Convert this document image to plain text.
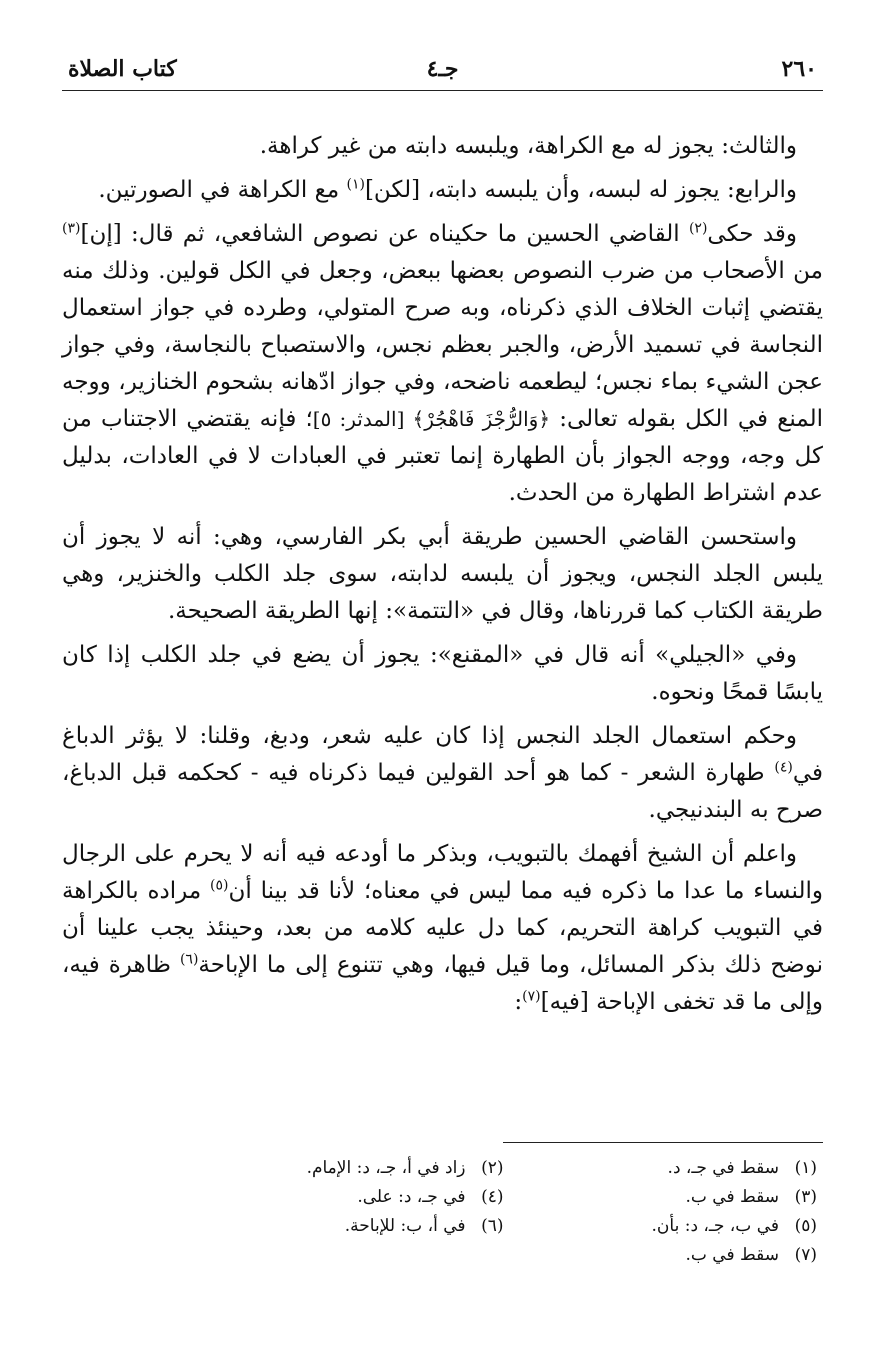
٢٦٠
جـ٤
كتاب الصلاة

والثالث: يجوز له مع الكراهة، ويلبسه دابته من غير كراهة.

والرابع: يجوز له لبسه، وأن يلبسه دابته، [لكن]$^{(١)}$ مع الكراهة في الصورتين.

وقد حكى$^{(٢)}$ القاضي الحسين ما حكيناه عن نصوص الشافعي، ثم قال: [إن]$^{(٣)}$ من الأصحاب من ضرب النصوص بعضها ببعض، وجعل في الكل قولين. وذلك منه يقتضي إثبات الخلاف الذي ذكرناه، وبه صرح المتولي، وطرده في جواز استعمال النجاسة في تسميد الأرض، والجبر بعظم نجس، والاستصباح بالنجاسة، وفي جواز عجن الشيء بماء نجس؛ ليطعمه ناضحه، وفي جواز ادّهانه بشحوم الخنازير، ووجه المنع في الكل بقوله تعالى: ﴿وَالرُّجْزَ فَاهْجُرْ﴾ [المدثر: ٥]؛ فإنه يقتضي الاجتناب من كل وجه، ووجه الجواز بأن الطهارة إنما تعتبر في العبادات لا في العادات، بدليل عدم اشتراط الطهارة من الحدث.

واستحسن القاضي الحسين طريقة أبي بكر الفارسي، وهي: أنه لا يجوز أن يلبس الجلد النجس، ويجوز أن يلبسه لدابته، سوى جلد الكلب والخنزير، وهي طريقة الكتاب كما قررناها، وقال في «التتمة»: إنها الطريقة الصحيحة.

وفي «الجيلي» أنه قال في «المقنع»: يجوز أن يضع في جلد الكلب إذا كان يابسًا قمحًا ونحوه.

وحكم استعمال الجلد النجس إذا كان عليه شعر، ودبغ، وقلنا: لا يؤثر الدباغ في$^{(٤)}$ طهارة الشعر - كما هو أحد القولين فيما ذكرناه فيه - كحكمه قبل الدباغ، صرح به البندنيجي.

واعلم أن الشيخ أفهمك بالتبويب، وبذكر ما أودعه فيه أنه لا يحرم على الرجال والنساء ما عدا ما ذكره فيه مما ليس في معناه؛ لأنا قد بينا أن$^{(٥)}$ مراده بالكراهة في التبويب كراهة التحريم، كما دل عليه كلامه من بعد، وحينئذ يجب علينا أن نوضح ذلك بذكر المسائل، وما قيل فيها، وهي تتنوع إلى ما الإباحة$^{(٦)}$ ظاهرة فيه، وإلى ما قد تخفى الإباحة [فيه]$^{(٧)}$:

(١)
سقط في جـ، د.
(٢)
زاد في أ، جـ، د: الإمام.
(٣)
سقط في ب.
(٤)
في جـ، د: على.
(٥)
في ب، جـ، د: بأن.
(٦)
في أ، ب: للإباحة.
(٧)
سقط في ب.
